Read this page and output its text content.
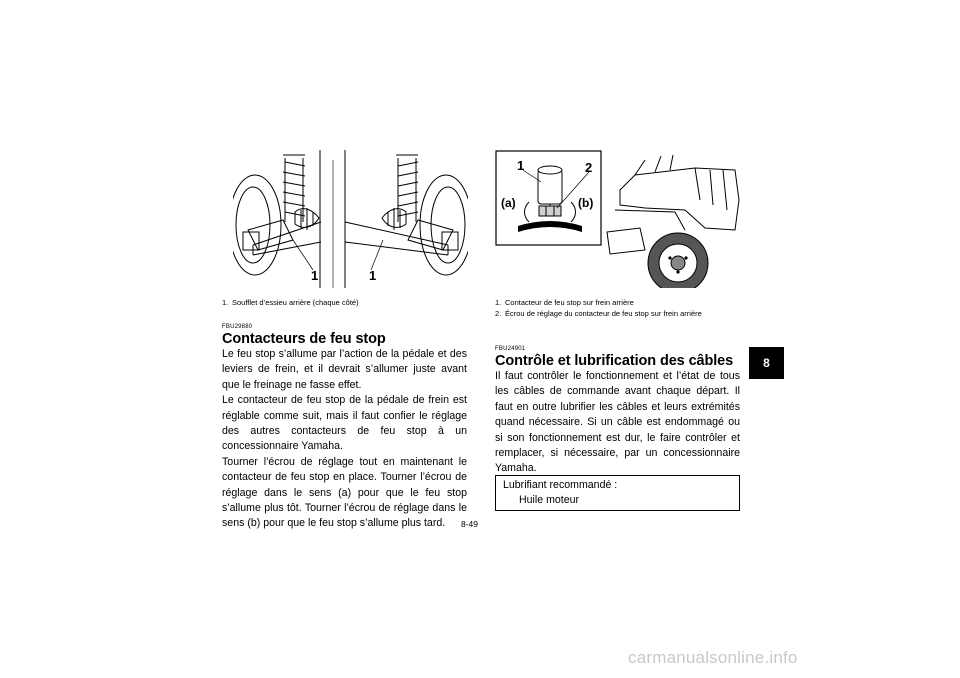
1	1
1. Soufflet d’essieu arrière (chaque côté)
FBU29880
Contacteurs de feu stop

Le feu stop s’allume par l’action de la pédale et des leviers de frein, et il devrait s’allumer juste avant que le freinage ne fasse effet.

Le contacteur de feu stop de la pédale de frein est réglable comme suit, mais il faut confier le réglage des autres contacteurs de feu stop à un concessionnaire Yamaha.

Tourner l’écrou de réglage tout en maintenant le contacteur de feu stop en place. Tourner l’écrou de réglage dans le sens (a) pour que le feu stop s’allume plus tôt. Tourner l’écrou de réglage dans le sens (b) pour que le feu stop s’allume plus tard.

1	2
(a)	(b)
1. Contacteur de feu stop sur frein arrière
2. Écrou de réglage du contacteur de feu stop sur frein arrière
FBU24901
Contrôle et lubrification des câbles

Il faut contrôler le fonctionnement et l’état de tous les câbles de commande avant chaque départ. Il faut en outre lubrifier les câbles et leurs extrémités quand nécessaire. Si un câble est endommagé ou si son fonctionnement est dur, le faire contrôler et remplacer, si nécessaire, par un concessionnaire Yamaha.

Lubrifiant recommandé :
Huile moteur
8
8-49
carmanualsonline.info
